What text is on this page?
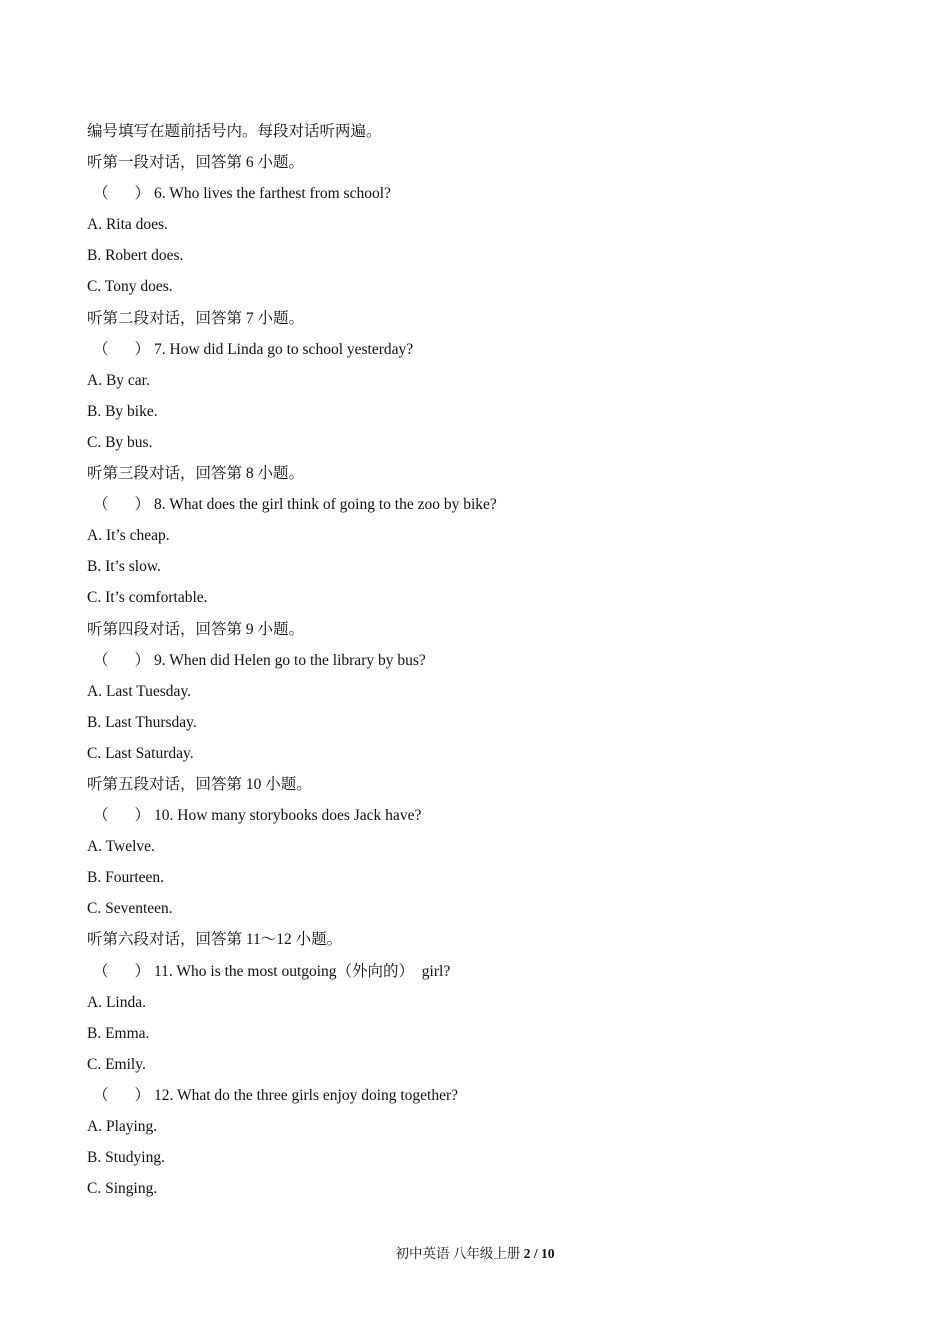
编号填写在题前括号内。每段对话听两遍。
听第一段对话，回答第 6 小题。
（ ） 6. Who lives the farthest from school?
A. Rita does.
B. Robert does.
C. Tony does.
听第二段对话，回答第 7 小题。
（ ） 7. How did Linda go to school yesterday?
A. By car.
B. By bike.
C. By bus.
听第三段对话，回答第 8 小题。
（ ） 8. What does the girl think of going to the zoo by bike?
A. It’s cheap.
B. It’s slow.
C. It’s comfortable.
听第四段对话，回答第 9 小题。
（ ） 9. When did Helen go to the library by bus?
A. Last Tuesday.
B. Last Thursday.
C. Last Saturday.
听第五段对话，回答第 10 小题。
（ ） 10. How many storybooks does Jack have?
A. Twelve.
B. Fourteen.
C. Seventeen.
听第六段对话，回答第 11～12 小题。
（ ） 11. Who is the most outgoing（外向的）  girl?
A. Linda.
B. Emma.
C. Emily.
（ ） 12. What do the three girls enjoy doing together?
A. Playing.
B. Studying.
C. Singing.
初中英语 八年级上册 2 / 10
